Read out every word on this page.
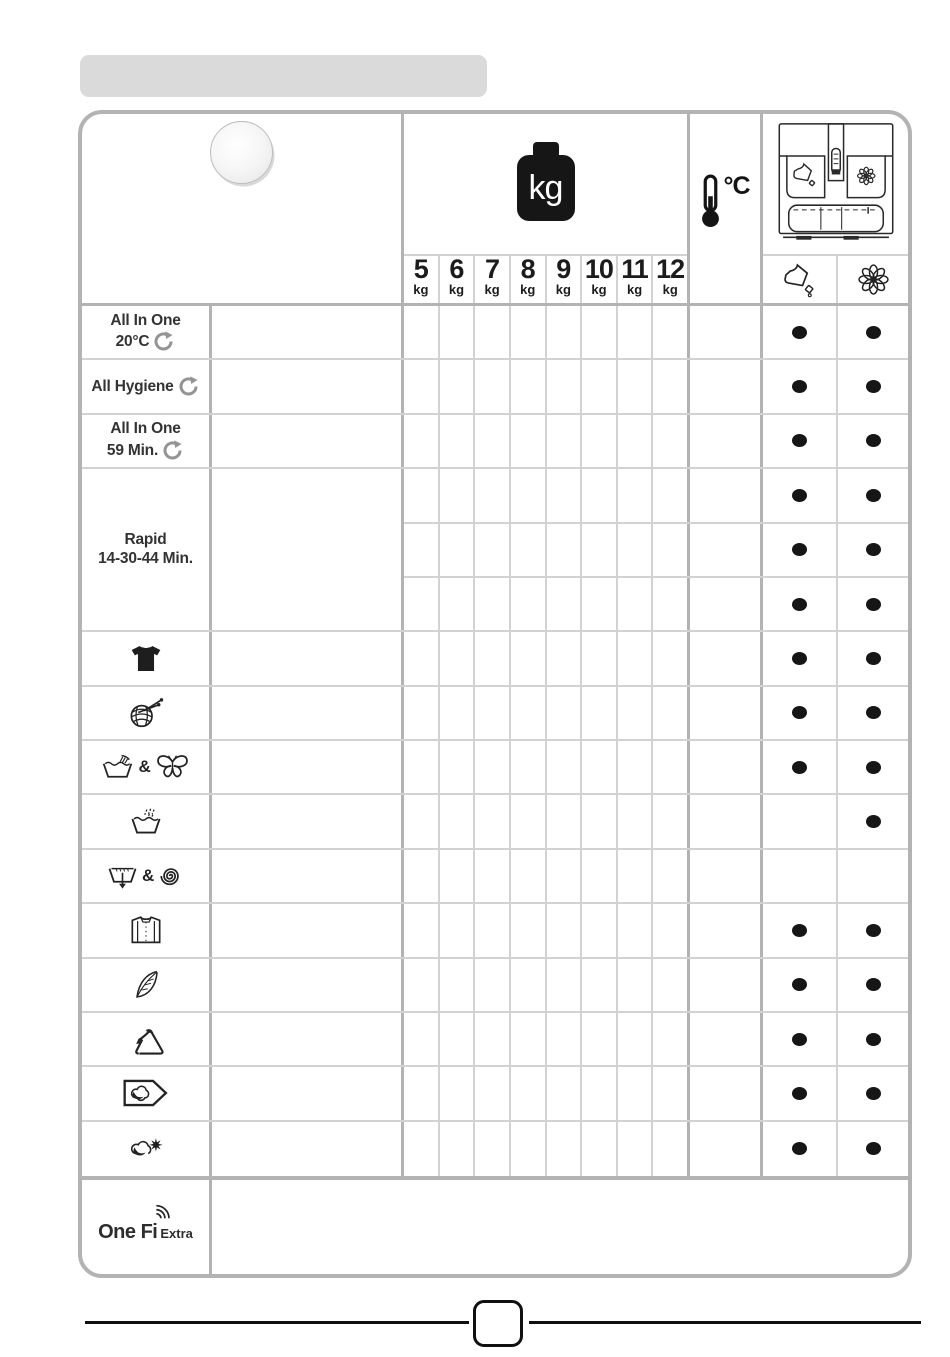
kg
5
kg
6
kg
7
kg
8
kg
9
kg
10
kg
11
kg
12
kg
°C
All In One
20°C
All Hygiene
All In One
59 Min.
Rapid
14-30-44 Min.
&
&
One Fi Extra
